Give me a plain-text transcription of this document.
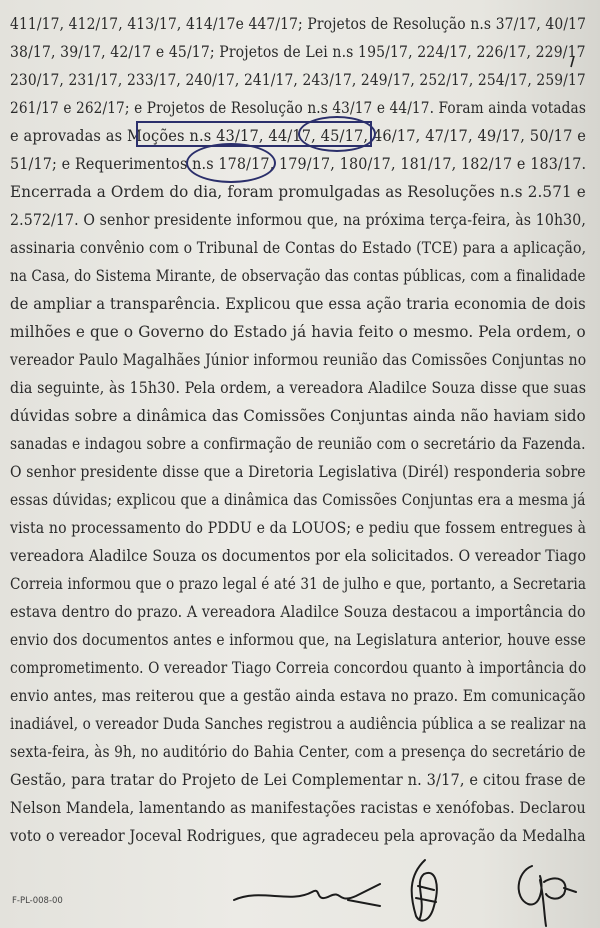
411/17, 412/17, 413/17, 414/17e 447/17; Projetos de Resolução n.s 37/17, 40/17
38/17, 39/17, 42/17 e 45/17; Projetos de Lei n.s 195/17, 224/17, 226/17, 229/17
230/17, 231/17, 233/17, 240/17, 241/17, 243/17, 249/17, 252/17, 254/17, 259/17
261/17 e 262/17; e Projetos de Resolução n.s 43/17 e 44/17. Foram ainda votadas
e aprovadas as Moções n.s 43/17, 44/17, 45/17, 46/17, 47/17, 49/17, 50/17 e
51/17; e Requerimentos n.s 178/17, 179/17, 180/17, 181/17, 182/17 e 183/17.
Encerrada a Ordem do dia, foram promulgadas as Resoluções n.s 2.571 e
2.572/17. O senhor presidente informou que, na próxima terça-feira, às 10h30,
assinaria convênio com o Tribunal de Contas do Estado (TCE) para a aplicação,
na Casa, do Sistema Mirante, de observação das contas públicas, com a finalidade
de ampliar a transparência. Explicou que essa ação traria economia de dois
milhões e que o Governo do Estado já havia feito o mesmo. Pela ordem, o
vereador Paulo Magalhães Júnior informou reunião das Comissões Conjuntas no
dia seguinte, às 15h30. Pela ordem, a vereadora Aladilce Souza disse que suas
dúvidas sobre a dinâmica das Comissões Conjuntas ainda não haviam sido
sanadas e indagou sobre a confirmação de reunião com o secretário da Fazenda.
O senhor presidente disse que a Diretoria Legislativa (Dirél) responderia sobre
essas dúvidas; explicou que a dinâmica das Comissões Conjuntas era a mesma já
vista no processamento do PDDU e da LOUOS; e pediu que fossem entregues à
vereadora Aladilce Souza os documentos por ela solicitados. O vereador Tiago
Correia informou que o prazo legal é até 31 de julho e que, portanto, a Secretaria
estava dentro do prazo. A vereadora Aladilce Souza destacou a importância do
envio dos documentos antes e informou que, na Legislatura anterior, houve esse
comprometimento. O vereador Tiago Correia concordou quanto à importância do
envio antes, mas reiterou que a gestão ainda estava no prazo. Em comunicação
inadiável, o vereador Duda Sanches registrou a audiência pública a se realizar na
sexta-feira, às 9h, no auditório do Bahia Center, com a presença do secretário de
Gestão, para tratar do Projeto de Lei Complementar n. 3/17, e citou frase de
Nelson Mandela, lamentando as manifestações racistas e xenófobas. Declarou
voto o vereador Joceval Rodrigues, que agradeceu pela aprovação da Medalha
F-PL-008-00
